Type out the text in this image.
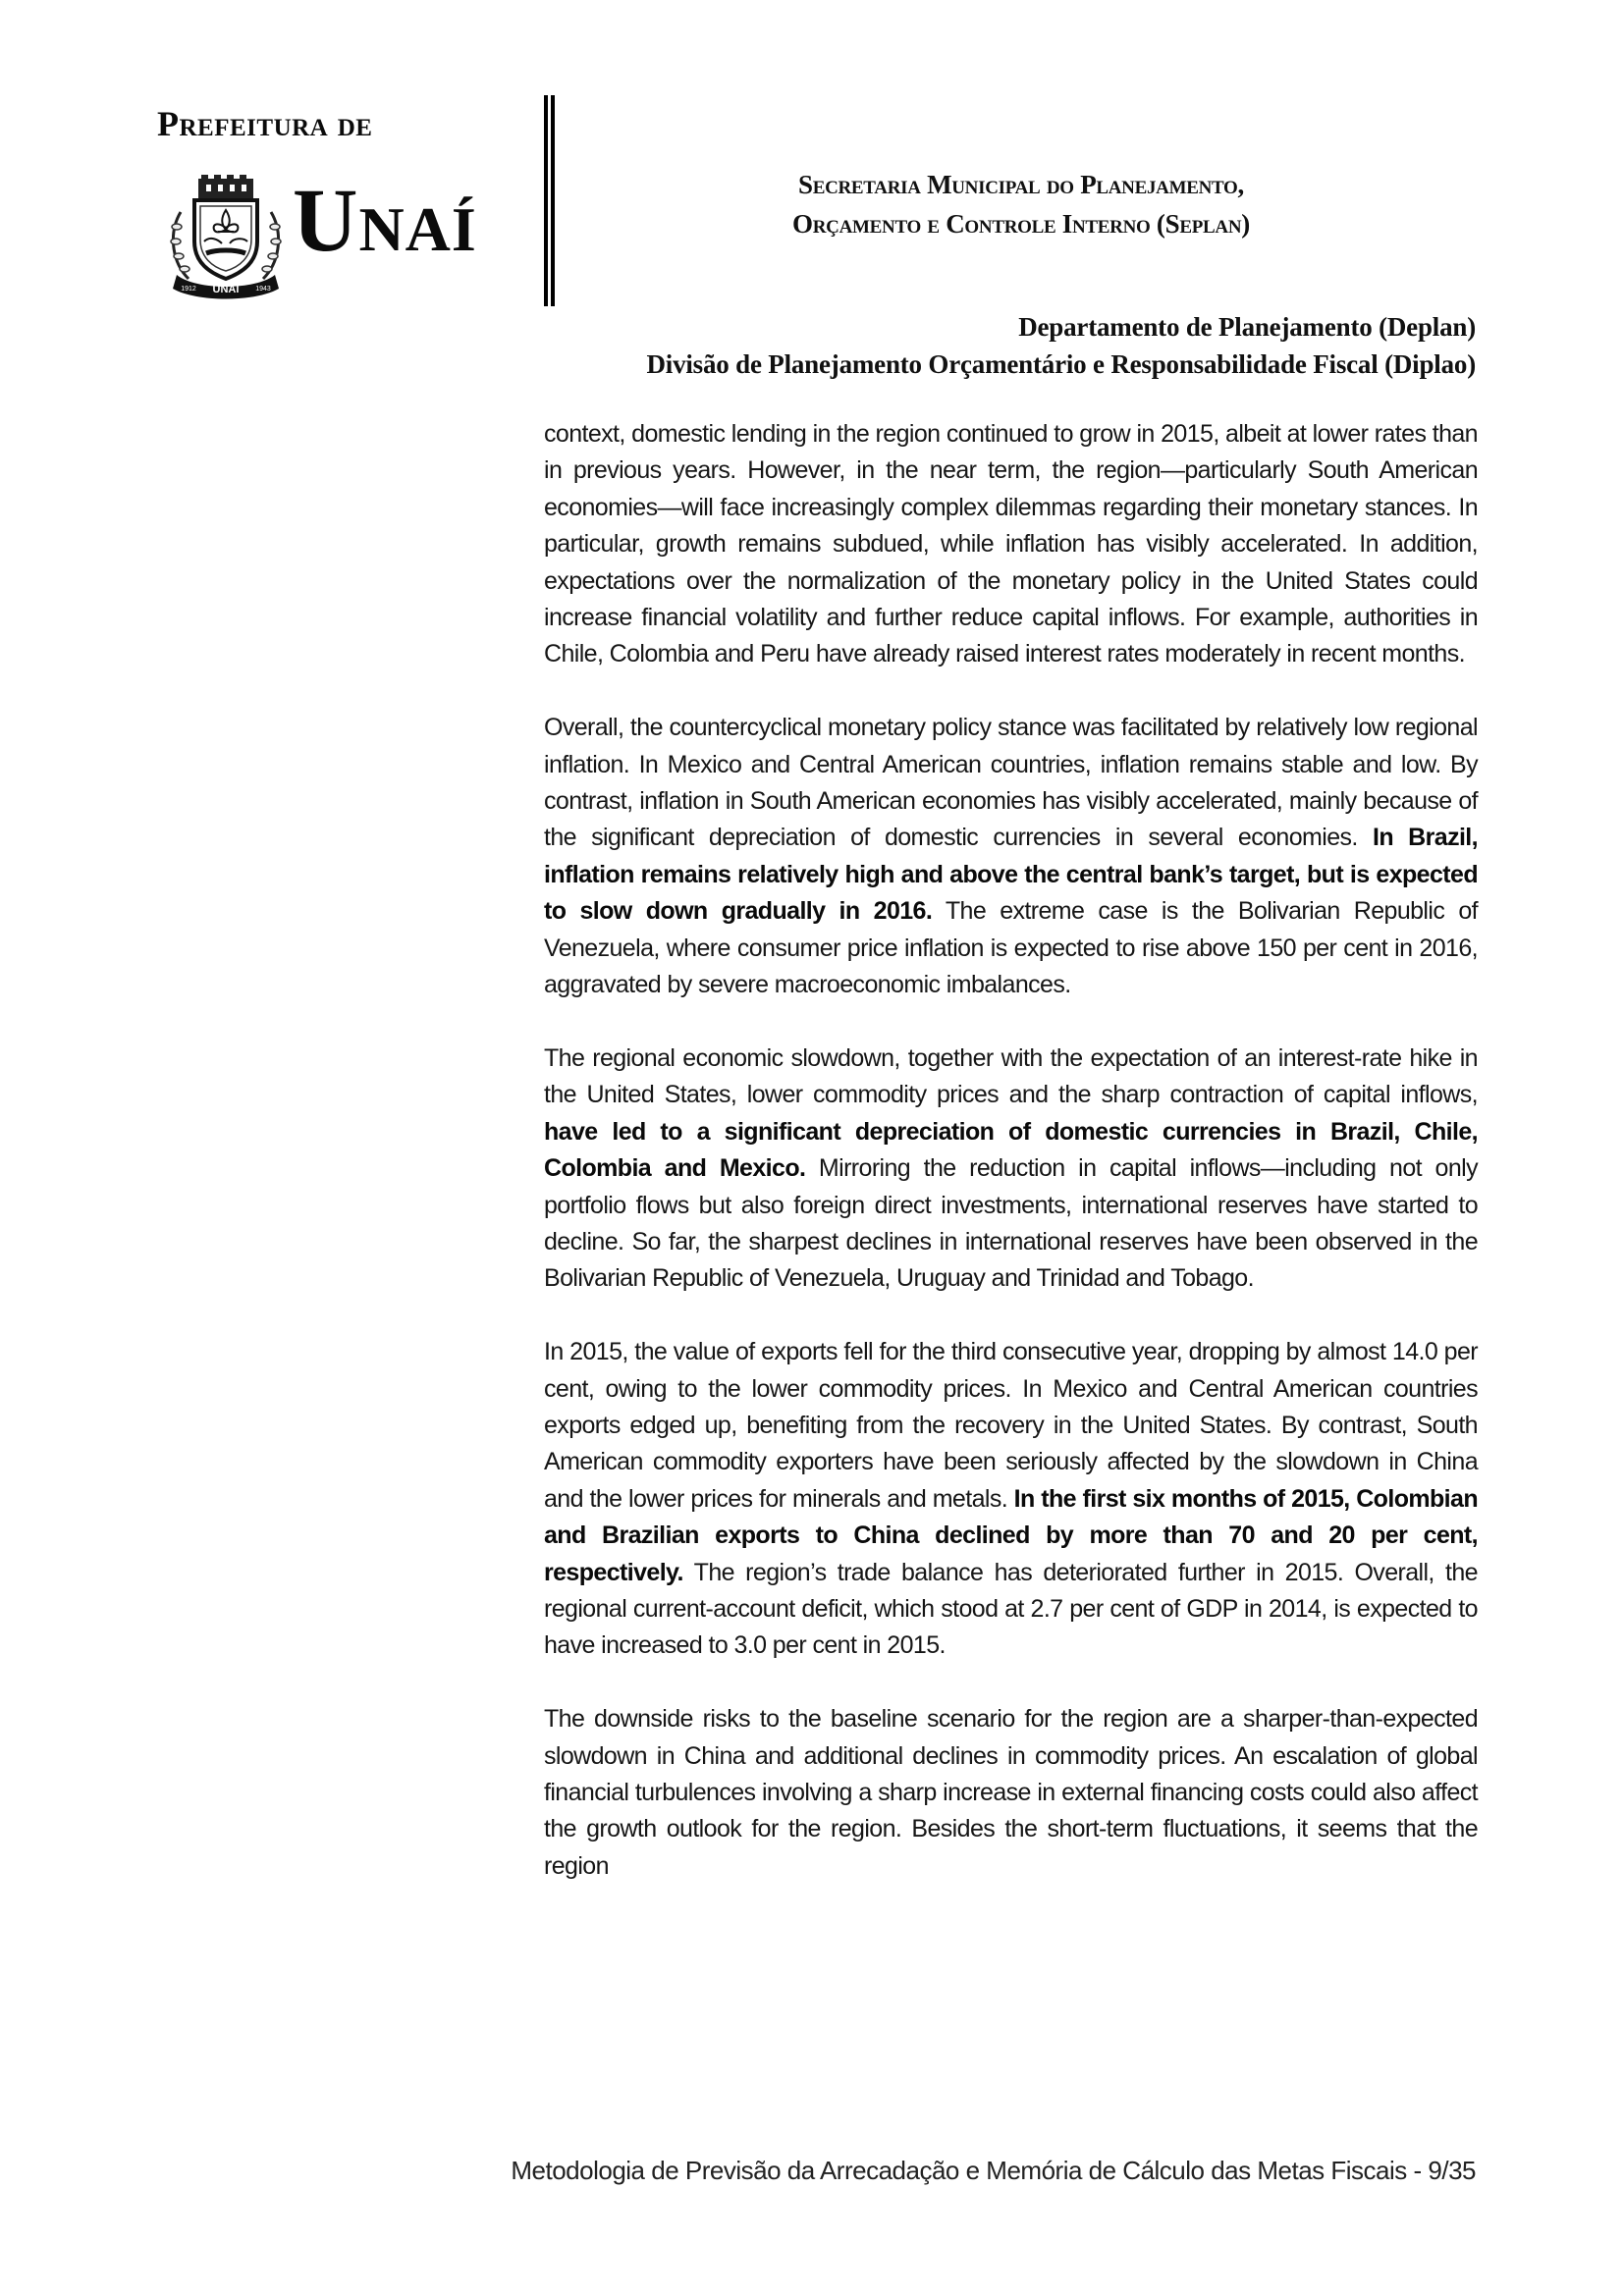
Prefeitura de
UNAÍ
1912	1943
Unaí	Secretaria Municipal do Planejamento,
Orçamento e Controle Interno (Seplan)
Departamento de Planejamento (Deplan)
Divisão de Planejamento Orçamentário e Responsabilidade Fiscal (Diplao)

context, domestic lending in the region continued to grow in 2015, albeit at lower rates than in previous years. However, in the near term, the region—particularly South American economies—will face increasingly complex dilemmas regarding their monetary stances. In particular, growth remains subdued, while inflation has visibly accelerated. In addition, expectations over the normalization of the monetary policy in the United States could increase financial volatility and further reduce capital inflows. For example, authorities in Chile, Colombia and Peru have already raised interest rates moderately in recent months.

Overall, the countercyclical monetary policy stance was facilitated by relatively low regional inflation. In Mexico and Central American countries, inflation remains stable and low. By contrast, inflation in South American economies has visibly accelerated, mainly because of the significant depreciation of domestic currencies in several economies. In Brazil, inflation remains relatively high and above the central bank’s target, but is expected to slow down gradually in 2016. The extreme case is the Bolivarian Republic of Venezuela, where consumer price inflation is expected to rise above 150 per cent in 2016, aggravated by severe macroeconomic imbalances.

The regional economic slowdown, together with the expectation of an interest-rate hike in the United States, lower commodity prices and the sharp contraction of capital inflows, have led to a significant depreciation of domestic currencies in Brazil, Chile, Colombia and Mexico. Mirroring the reduction in capital inflows—including not only portfolio flows but also foreign direct investments, international reserves have started to decline. So far, the sharpest declines in international reserves have been observed in the Bolivarian Republic of Venezuela, Uruguay and Trinidad and Tobago.

In 2015, the value of exports fell for the third consecutive year, dropping by almost 14.0 per cent, owing to the lower commodity prices. In Mexico and Central American countries exports edged up, benefiting from the recovery in the United States. By contrast, South American commodity exporters have been seriously affected by the slowdown in China and the lower prices for minerals and metals. In the first six months of 2015, Colombian and Brazilian exports to China declined by more than 70 and 20 per cent, respectively. The region’s trade balance has deteriorated further in 2015. Overall, the regional current-account deficit, which stood at 2.7 per cent of GDP in 2014, is expected to have increased to 3.0 per cent in 2015.

The downside risks to the baseline scenario for the region are a sharper-than-expected slowdown in China and additional declines in commodity prices. An escalation of global financial turbulences involving a sharp increase in external financing costs could also affect the growth outlook for the region. Besides the short-term fluctuations, it seems that the region

Metodologia de Previsão da Arrecadação e Memória de Cálculo das Metas Fiscais - 9/35
